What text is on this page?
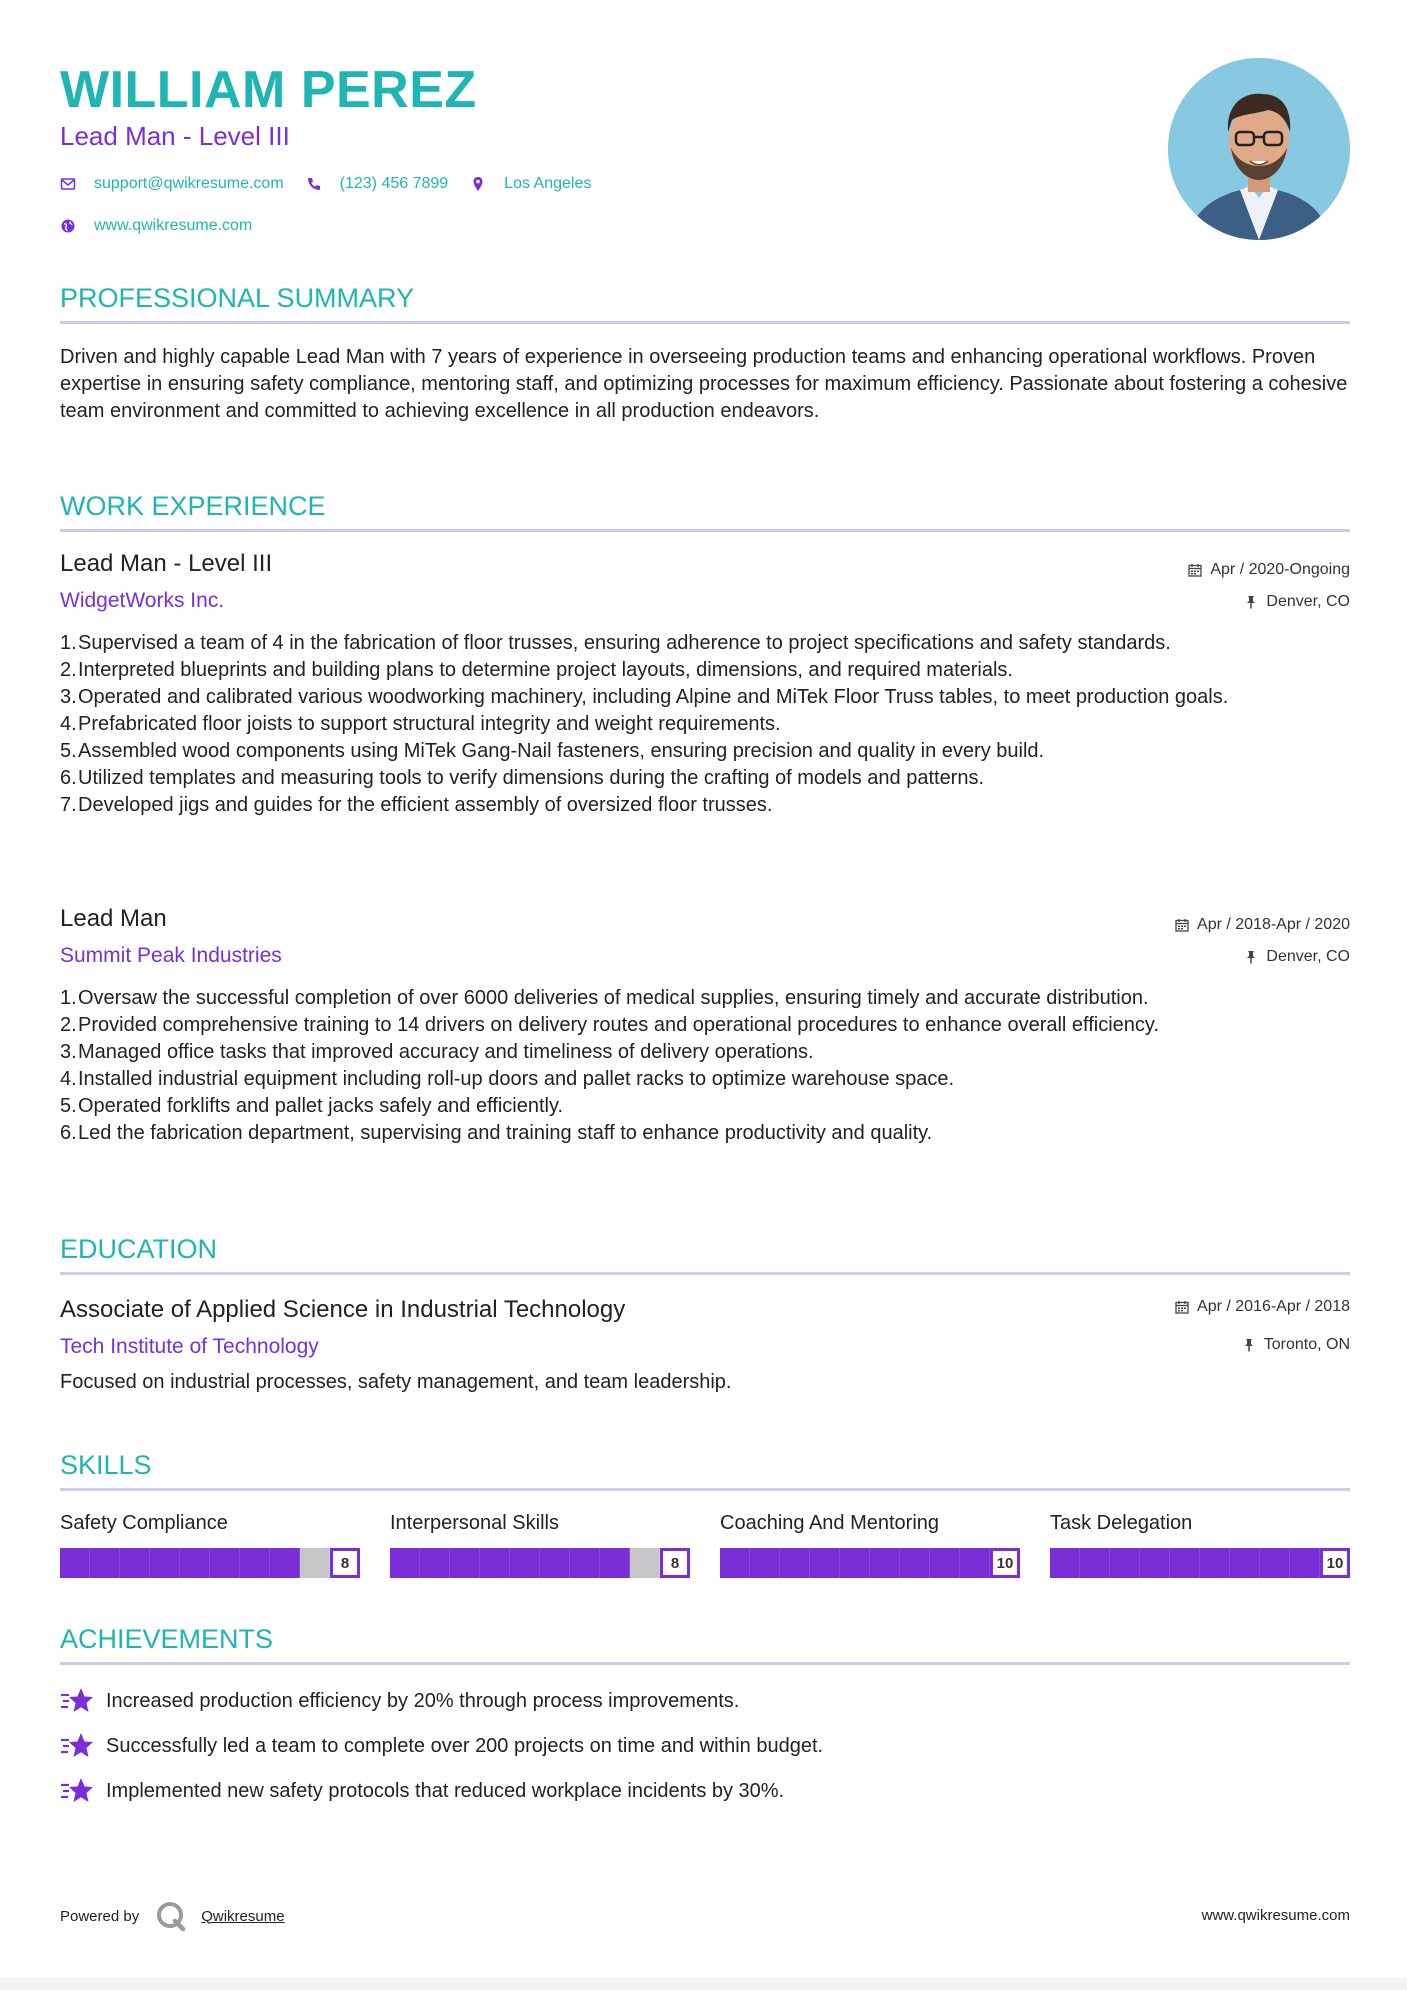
WILLIAM PEREZ
Lead Man - Level III
support@qwikresume.com	(123) 456 7899	Los Angeles
www.qwikresume.com
PROFESSIONAL SUMMARY
Driven and highly capable Lead Man with 7 years of experience in overseeing production teams and enhancing operational workflows. Proven expertise in ensuring safety compliance, mentoring staff, and optimizing processes for maximum efficiency. Passionate about fostering a cohesive team environment and committed to achieving excellence in all production endeavors.
WORK EXPERIENCE
Lead Man - Level III	Apr / 2020-Ongoing
WidgetWorks Inc.	Denver, CO
1.
Supervised a team of 4 in the fabrication of floor trusses, ensuring adherence to project specifications and safety standards.
2.
Interpreted blueprints and building plans to determine project layouts, dimensions, and required materials.
3.
Operated and calibrated various woodworking machinery, including Alpine and MiTek Floor Truss tables, to meet production goals.
4.
Prefabricated floor joists to support structural integrity and weight requirements.
5.
Assembled wood components using MiTek Gang-Nail fasteners, ensuring precision and quality in every build.
6.
Utilized templates and measuring tools to verify dimensions during the crafting of models and patterns.
7.
Developed jigs and guides for the efficient assembly of oversized floor trusses.
Lead Man	Apr / 2018-Apr / 2020
Summit Peak Industries	Denver, CO
1.
Oversaw the successful completion of over 6000 deliveries of medical supplies, ensuring timely and accurate distribution.
2.
Provided comprehensive training to 14 drivers on delivery routes and operational procedures to enhance overall efficiency.
3.
Managed office tasks that improved accuracy and timeliness of delivery operations.
4.
Installed industrial equipment including roll-up doors and pallet racks to optimize warehouse space.
5.
Operated forklifts and pallet jacks safely and efficiently.
6.
Led the fabrication department, supervising and training staff to enhance productivity and quality.
EDUCATION
Associate of Applied Science in Industrial Technology	Apr / 2016-Apr / 2018
Tech Institute of Technology	Toronto, ON
Focused on industrial processes, safety management, and team leadership.
SKILLS
Safety Compliance
8
Interpersonal Skills
8
Coaching And Mentoring
10
Task Delegation
10
ACHIEVEMENTS
Increased production efficiency by 20% through process improvements.
Successfully led a team to complete over 200 projects on time and within budget.
Implemented new safety protocols that reduced workplace incidents by 30%.
Powered by	Qwikresume	www.qwikresume.com
